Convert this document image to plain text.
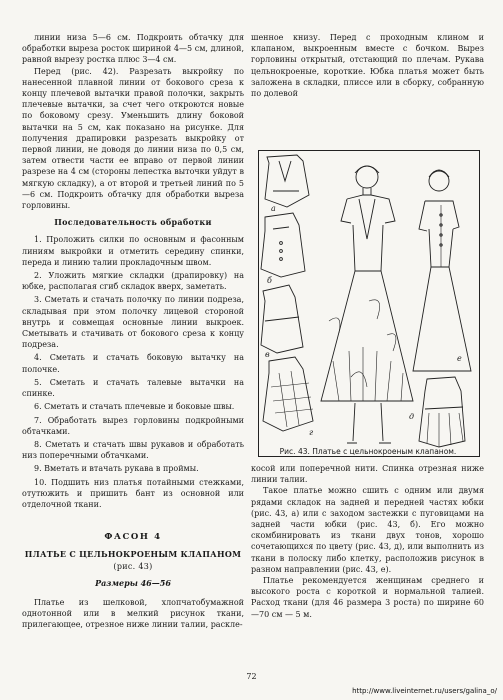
линии низа 5—6 см. Подкроить обтачку для обработки выреза росток шириной 4—5 см, длиной, равной вырезу ростка плюс 3—4 см.

Перед (рис. 42). Разрезать выкройку по нанесенной плавной линии от бокового среза к концу плечевой вытачки правой полочки, закрыть плечевые вытачки, за счет чего откроются новые по боковому срезу. Уменьшить длину боковой вытачки на 5 см, как показано на рисунке. Для получения драпировки разрезать выкройку от первой линии, не доводя до линии низа по 0,5 см, затем отвести части ее вправо от первой линии разрезе на 4 см (стороны лепестка выточки уйдут в мягкую складку), а от второй и третьей линий по 5—6 см. Подкроить обтачку для обработки выреза горловины.

Последовательность обработки

1. Проложить силки по основным и фасонным линиям выкройки и отметить середину спинки, переда и линию талии прокладочным швом.
2. Уложить мягкие складки (драпировку) на юбке, располагая сгиб складок вверх, заметать.
3. Сметать и стачать полочку по линии подреза, складывая при этом полочку лицевой стороной внутрь и совмещая основные линии выкроек. Сметывать и стачивать от бокового среза к концу подреза.
4. Сметать и стачать боковую вытачку на полочке.
5. Сметать и стачать талевые вытачки на спинке.
6. Сметать и стачать плечевые и боковые швы.
7. Обработать вырез горловины подкройными обтачками.
8. Сметать и стачать швы рукавов и обработать низ поперечными обтачками.
9. Вметать и втачать рукава в проймы.
10. Подшить низ платья потайными стежками, отутюжить и пришить бант из основной или отделочной ткани.

ФАСОН 4

ПЛАТЬЕ С ЦЕЛЬНОКРОЕНЫМ КЛАПАНОМ

(рис. 43)

Размеры 46—56

Платье из шелковой, хлопчатобумажной однотонной или в мелкий рисунок ткани, прилегающее, отрезное ниже линии талии, раскле-

шенное книзу. Перед с проходным клином и клапаном, выкроенным вместе с бочком. Вырез горловины открытый, отстающий по плечам. Рукава цельнокроеные, короткие. Юбка платья может быть заложена в складки, плиссе или в сборку, собранную по долевой

а
б
в
г
д
е
Рис. 43. Платье с цельнокроеным клапаном.

косой или поперечной нити. Спинка отрезная ниже линии талии.

Такое платье можно сшить с одним или двумя рядами складок на задней и передней частях юбки (рис. 43, а) или с заходом застежки с пуговицами на задней части юбки (рис. 43, б). Его можно скомбинировать из ткани двух тонов, хорошо сочетающихся по цвету (рис. 43, д), или выполнить из ткани в полоску либо клетку, расположив рисунок в разном направлении (рис. 43, е).

Платье рекомендуется женщинам среднего и высокого роста с короткой и нормальной талией. Расход ткани (для 46 размера 3 роста) по ширине 60—70 см — 5 м.

72
http://www.liveinternet.ru/users/galina_o/
